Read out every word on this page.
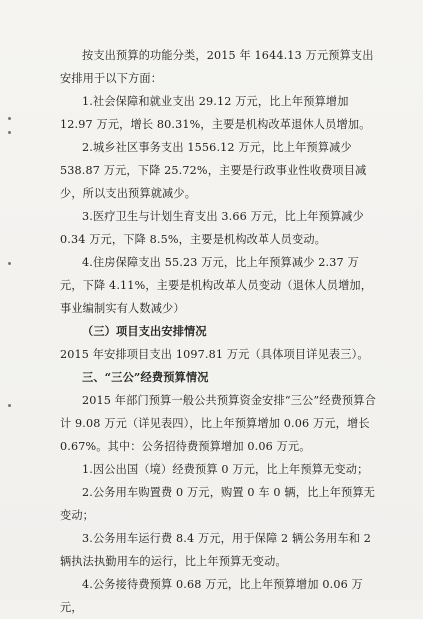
按支出预算的功能分类，2015 年 1644.13 万元预算支出安排用于以下方面：

1.社会保障和就业支出 29.12 万元，比上年预算增加 12.97 万元，增长 80.31%，主要是机构改革退休人员增加。

2.城乡社区事务支出 1556.12 万元，比上年预算减少 538.87 万元，下降 25.72%，主要是行政事业性收费项目减少，所以支出预算就减少。

3.医疗卫生与计划生育支出 3.66 万元，比上年预算减少 0.34 万元，下降 8.5%，主要是机构改革人员变动。

4.住房保障支出 55.23 万元，比上年预算减少 2.37 万元，下降 4.11%，主要是机构改革人员变动（退休人员增加，事业编制实有人数减少）

（三）项目支出安排情况

2015 年安排项目支出 1097.81 万元（具体项目详见表三）。

三、“三公”经费预算情况

2015 年部门预算一般公共预算资金安排“三公”经费预算合计 9.08 万元（详见表四），比上年预算增加 0.06 万元，增长 0.67%。其中：公务招待费预算增加 0.06 万元。

1.因公出国（境）经费预算 0 万元，比上年预算无变动；

2.公务用车购置费 0 万元，购置 0 车 0 辆，比上年预算无变动；

3.公务用车运行费 8.4 万元，用于保障 2 辆公务用车和 2 辆执法执勤用车的运行，比上年预算无变动。

4.公务接待费预算 0.68 万元，比上年预算增加 0.06 万元，
